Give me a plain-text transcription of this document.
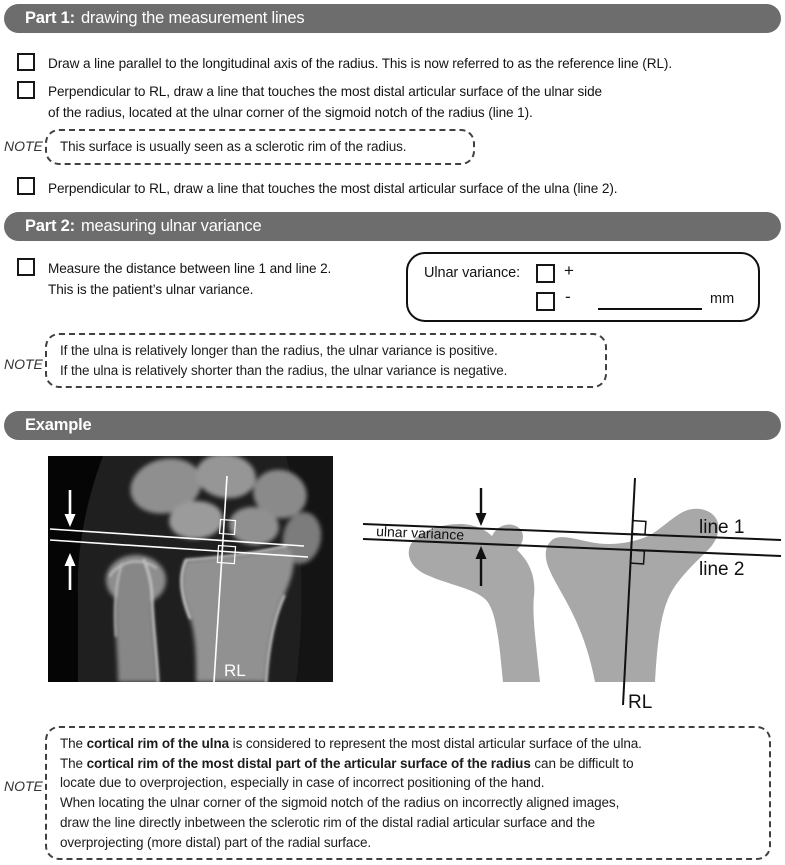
Part 1: drawing the measurement lines
Draw a line parallel to the longitudinal axis of the radius. This is now referred to as the reference line (RL).
Perpendicular to RL, draw a line that touches the most distal articular surface of the ulnar side
of the radius, located at the ulnar corner of the sigmoid notch of the radius (line 1).
NOTE	This surface is usually seen as a sclerotic rim of the radius.
Perpendicular to RL, draw a line that touches the most distal articular surface of the ulna (line 2).
Part 2: measuring ulnar variance
Measure the distance between line 1 and line 2.
This is the patient’s ulnar variance.
Ulnar variance:	+
-	mm
NOTE
If the ulna is relatively longer than the radius, the ulnar variance is positive.
If the ulna is relatively shorter than the radius, the ulnar variance is negative.
Example
RL
ulnar variance	line 1
line 2
RL
NOTE
The cortical rim of the ulna is considered to represent the most distal articular surface of the ulna.
The cortical rim of the most distal part of the articular surface of the radius can be difficult to
locate due to overprojection, especially in case of incorrect positioning of the hand.
When locating the ulnar corner of the sigmoid notch of the radius on incorrectly aligned images,
draw the line directly inbetween the sclerotic rim of the distal radial articular surface and the
overprojecting (more distal) part of the radial surface.
